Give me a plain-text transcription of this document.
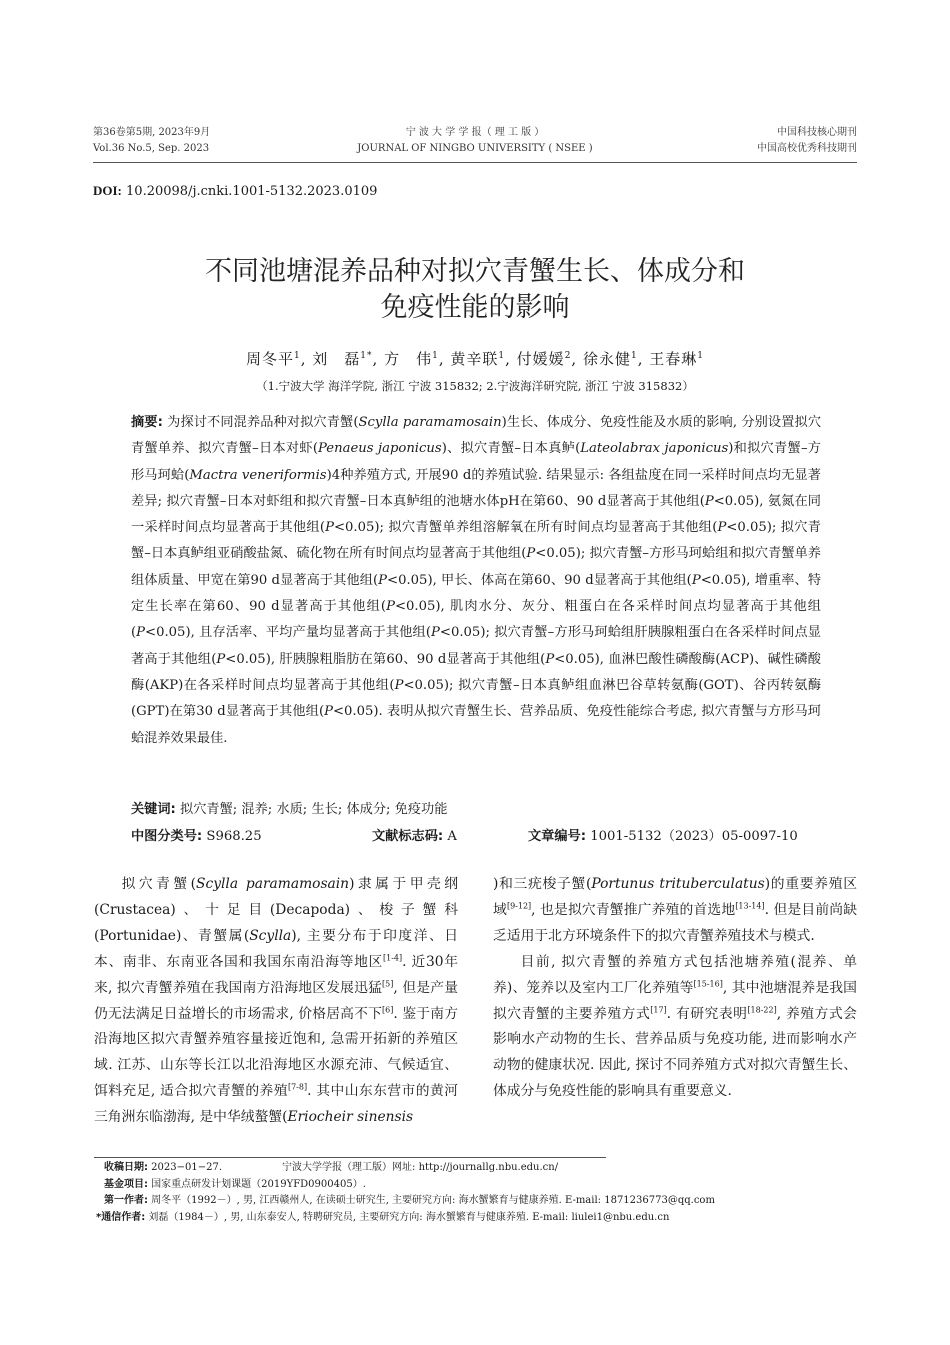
第36卷第5期, 2023年9月
Vol.36 No.5, Sep. 2023
宁 波 大 学 学 报（ 理 工 版 ）
JOURNAL OF NINGBO UNIVERSITY ( NSEE )
中国科技核心期刊
中国高校优秀科技期刊
DOI: 10.20098/j.cnki.1001-5132.2023.0109
不同池塘混养品种对拟穴青蟹生长、体成分和
免疫性能的影响
周冬平$^1$, 刘　磊$^{1*}$, 方　伟$^1$, 黄辛联$^1$, 付媛媛$^2$, 徐永健$^1$, 王春琳$^1$
（1.宁波大学 海洋学院, 浙江 宁波 315832; 2.宁波海洋研究院, 浙江 宁波 315832）
摘要: 为探讨不同混养品种对拟穴青蟹(Scylla paramamosain)生长、体成分、免疫性能及水质的影响, 分别设置拟穴青蟹单养、拟穴青蟹–日本对虾(Penaeus japonicus)、拟穴青蟹–日本真鲈(Lateolabrax japonicus)和拟穴青蟹–方形马珂蛤(Mactra veneriformis)4种养殖方式, 开展90 d的养殖试验. 结果显示: 各组盐度在同一采样时间点均无显著差异; 拟穴青蟹–日本对虾组和拟穴青蟹–日本真鲈组的池塘水体pH在第60、90 d显著高于其他组(P<0.05), 氨氮在同一采样时间点均显著高于其他组(P<0.05); 拟穴青蟹单养组溶解氧在所有时间点均显著高于其他组(P<0.05); 拟穴青蟹–日本真鲈组亚硝酸盐氮、硫化物在所有时间点均显著高于其他组(P<0.05); 拟穴青蟹–方形马珂蛤组和拟穴青蟹单养组体质量、甲宽在第90 d显著高于其他组(P<0.05), 甲长、体高在第60、90 d显著高于其他组(P<0.05), 增重率、特定生长率在第60、90 d显著高于其他组(P<0.05), 肌肉水分、灰分、粗蛋白在各采样时间点均显著高于其他组(P<0.05), 且存活率、平均产量均显著高于其他组(P<0.05); 拟穴青蟹–方形马珂蛤组肝胰腺粗蛋白在各采样时间点显著高于其他组(P<0.05), 肝胰腺粗脂肪在第60、90 d显著高于其他组(P<0.05), 血淋巴酸性磷酸酶(ACP)、碱性磷酸酶(AKP)在各采样时间点均显著高于其他组(P<0.05); 拟穴青蟹–日本真鲈组血淋巴谷草转氨酶(GOT)、谷丙转氨酶(GPT)在第30 d显著高于其他组(P<0.05). 表明从拟穴青蟹生长、营养品质、免疫性能综合考虑, 拟穴青蟹与方形马珂蛤混养效果最佳.
关键词: 拟穴青蟹; 混养; 水质; 生长; 体成分; 免疫功能
中图分类号: S968.25	文献标志码: A	文章编号: 1001-5132（2023）05-0097-10

拟穴青蟹(Scylla paramamosain)隶属于甲壳纲(Crustacea)、十足目(Decapoda)、梭子蟹科(Portunidae)、青蟹属(Scylla), 主要分布于印度洋、日本、南非、东南亚各国和我国东南沿海等地区[1-4]. 近30年来, 拟穴青蟹养殖在我国南方沿海地区发展迅猛[5], 但是产量仍无法满足日益增长的市场需求, 价格居高不下[6]. 鉴于南方沿海地区拟穴青蟹养殖容量接近饱和, 急需开拓新的养殖区域. 江苏、山东等长江以北沿海地区水源充沛、气候适宜、饵料充足, 适合拟穴青蟹的养殖[7-8]. 其中山东东营市的黄河三角洲东临渤海, 是中华绒螯蟹(Eriocheir sinensis

)和三疣梭子蟹(Portunus trituberculatus)的重要养殖区域[9-12], 也是拟穴青蟹推广养殖的首选地[13-14]. 但是目前尚缺乏适用于北方环境条件下的拟穴青蟹养殖技术与模式.

目前, 拟穴青蟹的养殖方式包括池塘养殖(混养、单养)、笼养以及室内工厂化养殖等[15-16], 其中池塘混养是我国拟穴青蟹的主要养殖方式[17]. 有研究表明[18-22], 养殖方式会影响水产动物的生长、营养品质与免疫功能, 进而影响水产动物的健康状况. 因此, 探讨不同养殖方式对拟穴青蟹生长、体成分与免疫性能的影响具有重要意义.

收稿日期: 2023−01−27.	宁波大学学报（理工版）网址: http://journallg.nbu.edu.cn/
基金项目: 国家重点研发计划课题（2019YFD0900405）.
第一作者: 周冬平（1992－）, 男, 江西赣州人, 在读硕士研究生, 主要研究方向: 海水蟹繁育与健康养殖. E-mail: 1871236773@qq.com
*通信作者: 刘磊（1984－）, 男, 山东泰安人, 特聘研究员, 主要研究方向: 海水蟹繁育与健康养殖. E-mail: liulei1@nbu.edu.cn
